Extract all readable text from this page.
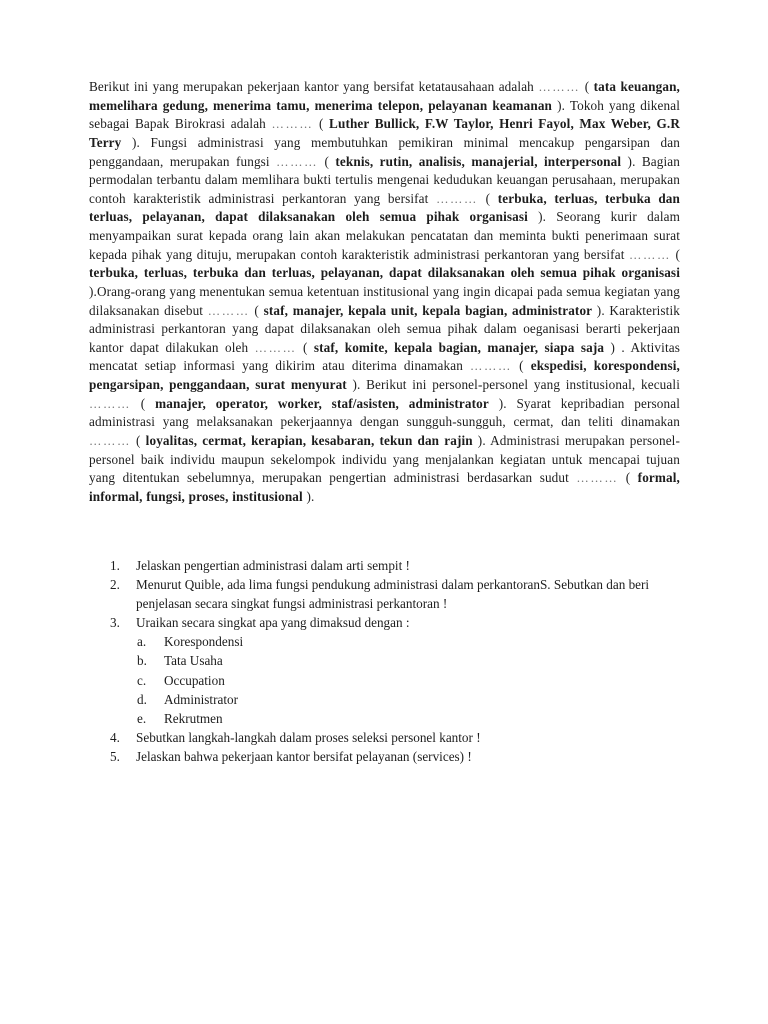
Berikut ini yang merupakan pekerjaan kantor yang bersifat ketatausahaan adalah ……… ( tata keuangan, memelihara gedung, menerima tamu, menerima telepon, pelayanan keamanan ). Tokoh yang dikenal sebagai Bapak Birokrasi adalah ……… ( Luther Bullick, F.W Taylor, Henri Fayol, Max Weber, G.R Terry ). Fungsi administrasi yang membutuhkan pemikiran minimal mencakup pengarsipan dan penggandaan, merupakan fungsi ……… ( teknis, rutin, analisis, manajerial, interpersonal ). Bagian permodalan terbantu dalam memlihara bukti tertulis mengenai kedudukan keuangan perusahaan, merupakan contoh karakteristik administrasi perkantoran yang bersifat ……… ( terbuka, terluas, terbuka dan terluas, pelayanan, dapat dilaksanakan oleh semua pihak organisasi ). Seorang kurir dalam menyampaikan surat kepada orang lain akan melakukan pencatatan dan meminta bukti penerimaan surat kepada pihak yang dituju, merupakan contoh karakteristik administrasi perkantoran yang bersifat ……… ( terbuka, terluas, terbuka dan terluas, pelayanan, dapat dilaksanakan oleh semua pihak organisasi ).Orang-orang yang menentukan semua ketentuan institusional yang ingin dicapai pada semua kegiatan yang dilaksanakan disebut ……… ( staf, manajer, kepala unit, kepala bagian, administrator ). Karakteristik administrasi perkantoran yang dapat dilaksanakan oleh semua pihak dalam oeganisasi berarti pekerjaan kantor dapat dilakukan oleh ……… ( staf, komite, kepala bagian, manajer, siapa saja ) . Aktivitas mencatat setiap informasi yang dikirim atau diterima dinamakan ……… ( ekspedisi, korespondensi, pengarsipan, penggandaan, surat menyurat ). Berikut ini personel-personel yang institusional, kecuali ……… ( manajer, operator, worker, staf/asisten, administrator ). Syarat kepribadian personal administrasi yang melaksanakan pekerjaannya dengan sungguh-sungguh, cermat, dan teliti dinamakan ……… ( loyalitas, cermat, kerapian, kesabaran, tekun dan rajin ). Administrasi merupakan personel-personel baik individu maupun sekelompok individu yang menjalankan kegiatan untuk mencapai tujuan yang ditentukan sebelumnya, merupakan pengertian administrasi berdasarkan sudut ……… ( formal, informal, fungsi, proses, institusional ).

1.	Jelaskan pengertian administrasi dalam arti sempit !
2.	Menurut Quible, ada lima fungsi pendukung administrasi dalam perkantoranS. Sebutkan dan beri penjelasan secara singkat fungsi administrasi perkantoran !
3.	Uraikan secara singkat apa yang dimaksud dengan :
a.	Korespondensi
b.	Tata Usaha
c.	Occupation
d.	Administrator
e.	Rekrutmen
4.	Sebutkan langkah-langkah dalam proses seleksi personel kantor !
5.	Jelaskan bahwa pekerjaan kantor bersifat pelayanan (services) !
